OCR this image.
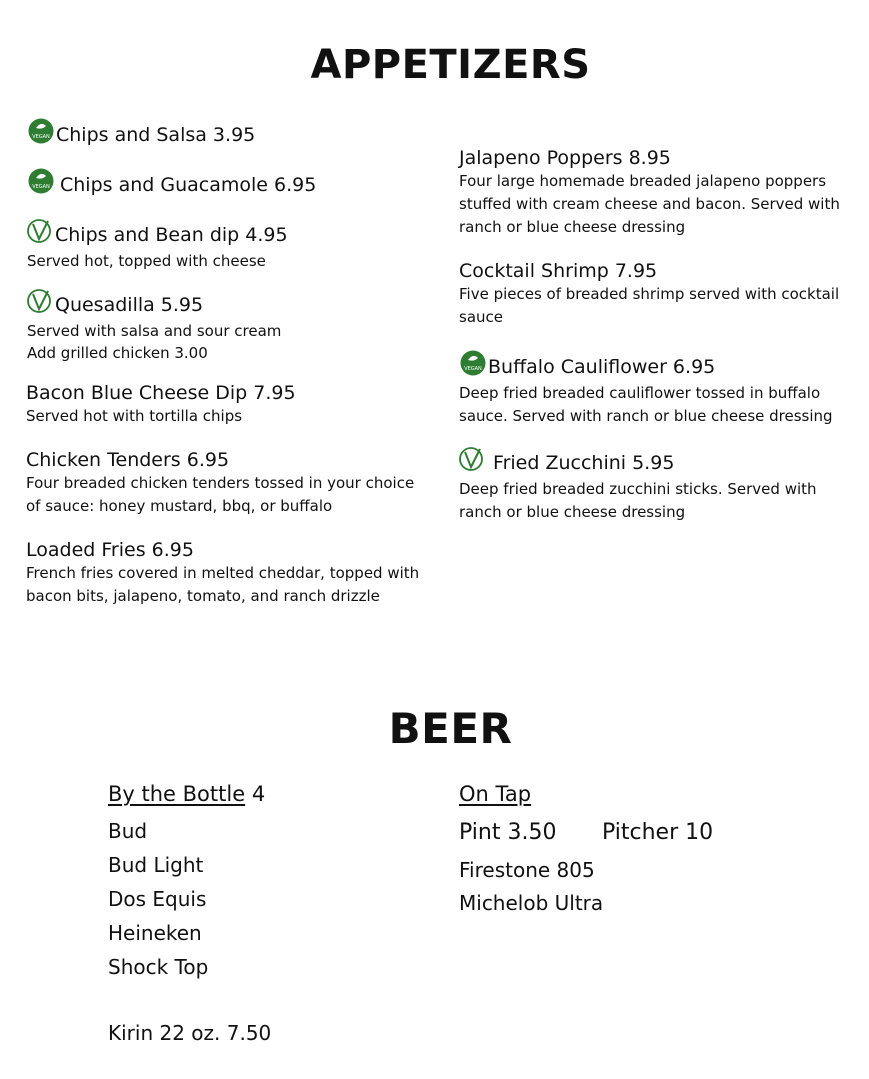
APPETIZERS
VEGAN Chips and Salsa 3.95
VEGAN Chips and Guacamole 6.95
Chips and Bean dip 4.95
Served hot, topped with cheese
Quesadilla 5.95
Served with salsa and sour cream
Add grilled chicken 3.00
Bacon Blue Cheese Dip 7.95
Served hot with tortilla chips
Chicken Tenders 6.95
Four breaded chicken tenders tossed in your choice
of sauce: honey mustard, bbq, or buffalo
Loaded Fries 6.95
French fries covered in melted cheddar, topped with
bacon bits, jalapeno, tomato, and ranch drizzle
Jalapeno Poppers 8.95
Four large homemade breaded jalapeno poppers
stuffed with cream cheese and bacon. Served with
ranch or blue cheese dressing
Cocktail Shrimp 7.95
Five pieces of breaded shrimp served with cocktail
sauce
VEGAN Buffalo Cauliflower 6.95
Deep fried breaded cauliflower tossed in buffalo
sauce. Served with ranch or blue cheese dressing
Fried Zucchini 5.95
Deep fried breaded zucchini sticks. Served with
ranch or blue cheese dressing
BEER
By the Bottle 4
Bud
Bud Light
Dos Equis
Heineken
Shock Top
Kirin 22 oz. 7.50
On Tap
Pint 3.50 Pitcher 10
Firestone 805
Michelob Ultra
